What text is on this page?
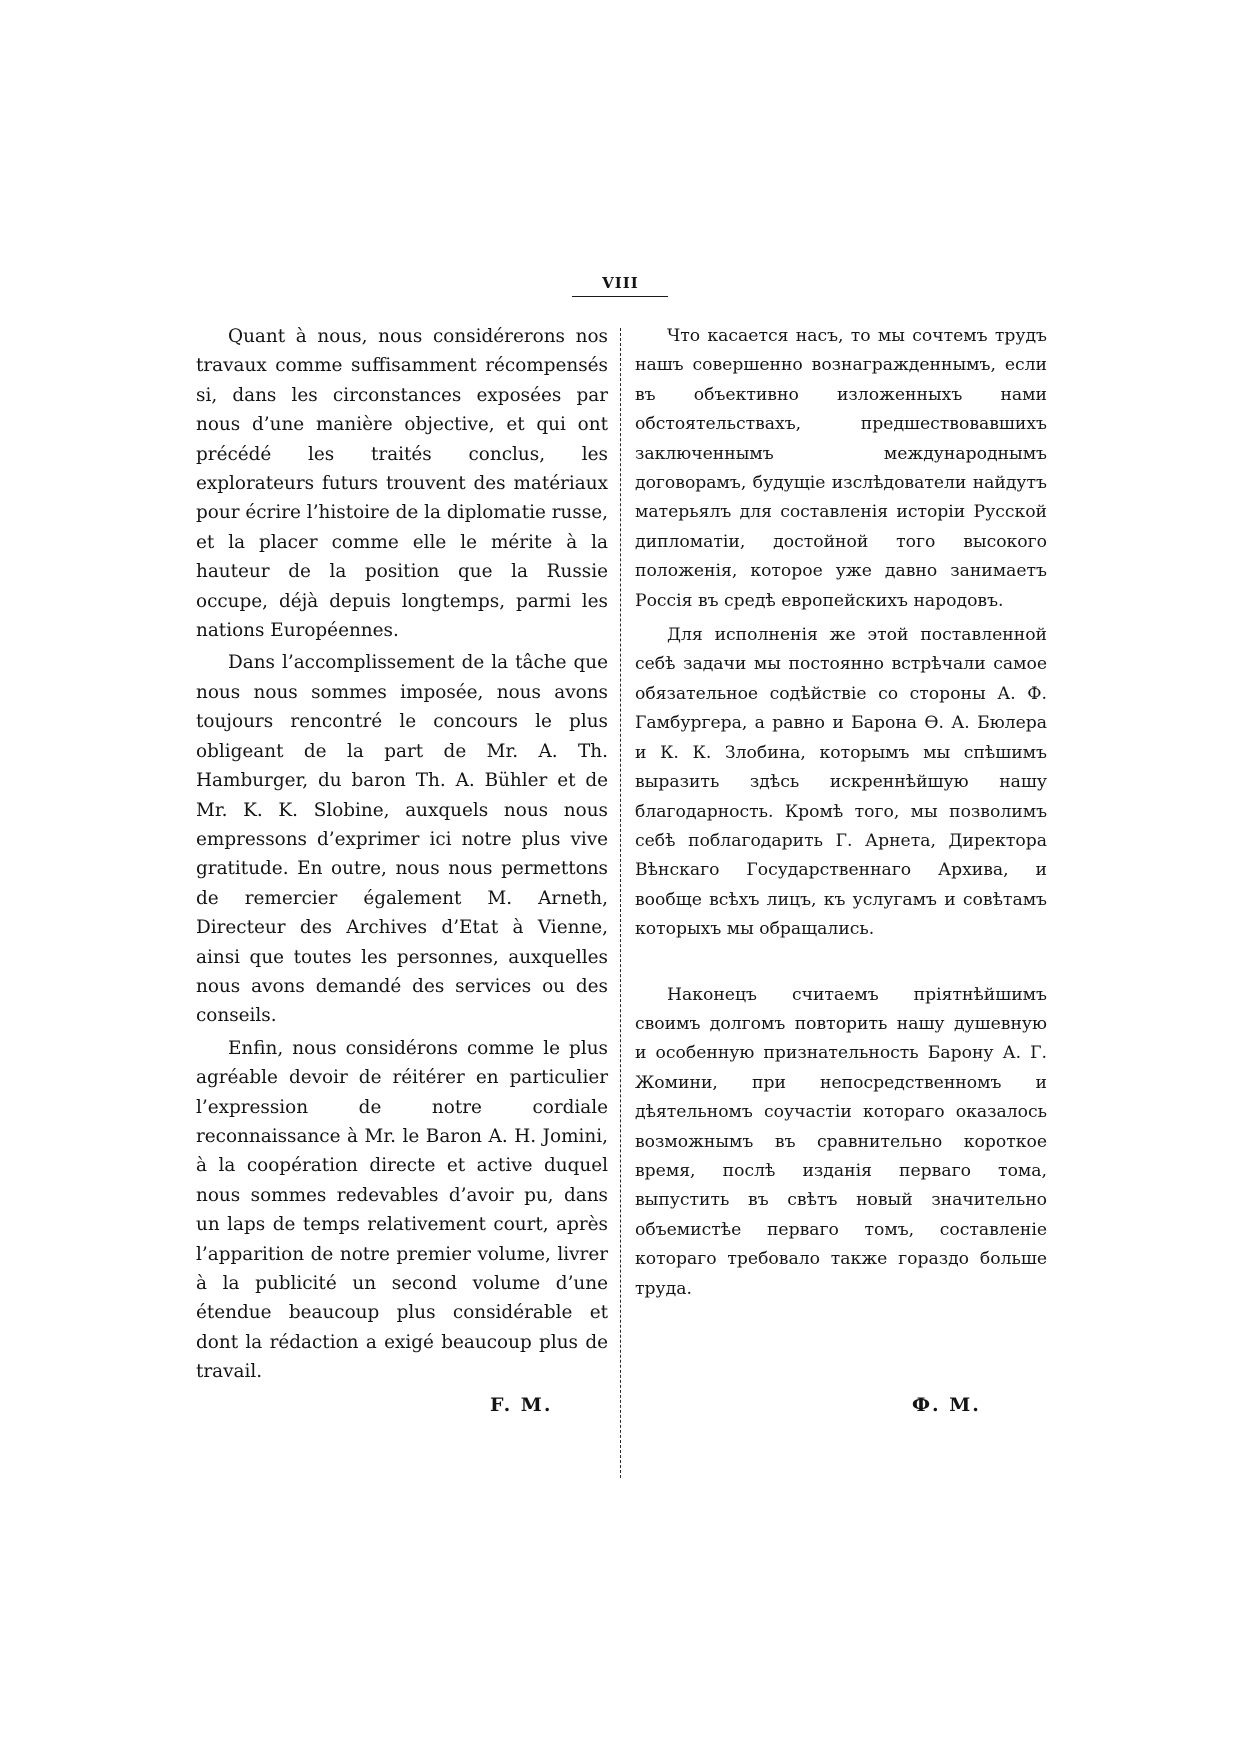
VIII

Quant à nous, nous considérerons nos travaux comme suffisamment récompensés si, dans les circonstances exposées par nous d’une manière objective, et qui ont précédé les traités conclus, les explorateurs futurs trouvent des matériaux pour écrire l’histoire de la diplomatie russe, et la placer comme elle le mérite à la hauteur de la position que la Russie occupe, déjà depuis longtemps, parmi les nations Européennes.

Dans l’accomplissement de la tâche que nous nous sommes imposée, nous avons toujours rencontré le concours le plus obligeant de la part de Mr. A. Th. Hamburger, du baron Th. A. Bühler et de Mr. K. K. Slobine, auxquels nous nous empressons d’exprimer ici notre plus vive gratitude. En outre, nous nous permettons de remercier également M. Arneth, Directeur des Archives d’Etat à Vienne, ainsi que toutes les personnes, auxquelles nous avons demandé des services ou des conseils.

Enfin, nous considérons comme le plus agréable devoir de réitérer en particulier l’expression de notre cordiale reconnaissance à Mr. le Baron A. H. Jomini, à la coopération directe et active duquel nous sommes redevables d’avoir pu, dans un laps de temps relativement court, après l’apparition de notre premier volume, livrer à la publicité un second volume d’une étendue beaucoup plus considérable et dont la rédaction a exigé beaucoup plus de travail.

Что касается насъ, то мы сочтемъ трудъ нашъ совершенно вознагражденнымъ, если въ объективно изложенныхъ нами обстоятельствахъ, предшествовавшихъ заключеннымъ международнымъ договорамъ, будущіе изслѣдователи найдутъ матерьялъ для составленія исторіи Русской дипломатіи, достойной того высокого положенія, которое уже давно занимаетъ Россія въ средѣ европейскихъ народовъ.

Для исполненія же этой поставленной себѣ задачи мы постоянно встрѣчали самое обязательное содѣйствіе со стороны А. Ф. Гамбургера, а равно и Барона Ѳ. А. Бюлера и К. К. Злобина, которымъ мы спѣшимъ выразить здѣсь искреннѣйшую нашу благодарность. Кромѣ того, мы позволимъ себѣ поблагодарить Г. Арнета, Директора Вѣнскаго Государственнаго Архива, и вообще всѣхъ лицъ, къ услугамъ и совѣтамъ которыхъ мы обращались.

Наконецъ считаемъ пріятнѣйшимъ своимъ долгомъ повторить нашу душевную и особенную признательность Барону А. Г. Жомини, при непосредственномъ и дѣятельномъ соучастіи котораго оказалось возможнымъ въ сравнительно короткое время, послѣ изданія перваго тома, выпустить въ свѣтъ новый значительно объемистѣе перваго томъ, составленіе котораго требовало также гораздо больше труда.

F. M.	Ф. М.
